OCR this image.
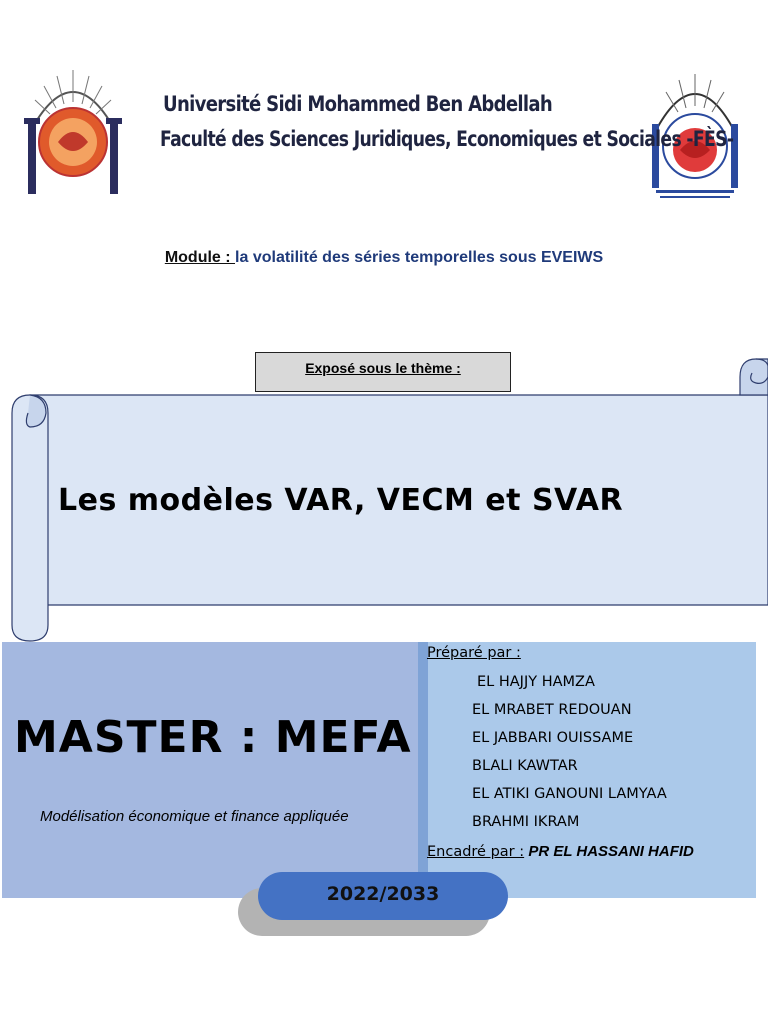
Université Sidi Mohammed Ben Abdellah
Faculté des Sciences Juridiques, Economiques et Sociales -FÈS-
Module : la volatilité des séries temporelles sous EVEIWS
Exposé sous le thème :
Les modèles VAR, VECM et SVAR
MASTER : MEFA
Modélisation économique et finance appliquée
Préparé par :
EL HAJJY HAMZA
EL MRABET REDOUAN
EL JABBARI OUISSAME
BLALI KAWTAR
EL ATIKI GANOUNI LAMYAA
BRAHMI IKRAM
Encadré par : PR EL HASSANI HAFID
2022/2033
